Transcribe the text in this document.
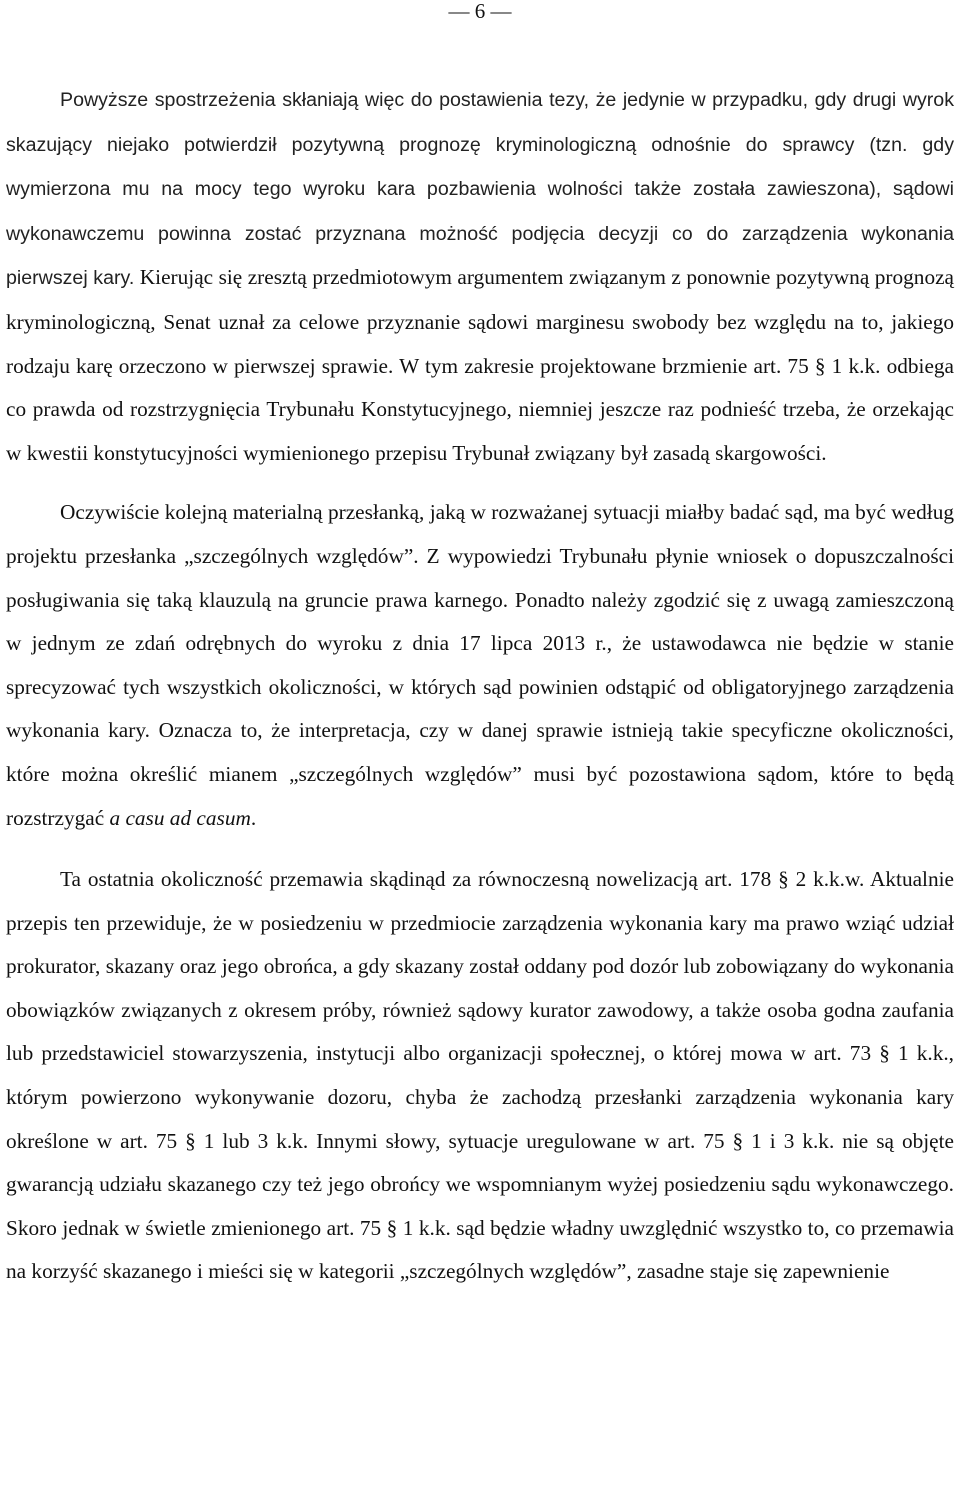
— 6 —

Powyższe spostrzeżenia skłaniają więc do postawienia tezy, że jedynie w przypadku, gdy drugi wyrok skazujący niejako potwierdził pozytywną prognozę kryminologiczną odnośnie do sprawcy (tzn. gdy wymierzona mu na mocy tego wyroku kara pozbawienia wolności także została zawieszona), sądowi wykonawczemu powinna zostać przyznana możność podjęcia decyzji co do zarządzenia wykonania pierwszej kary. Kierując się zresztą przedmiotowym argumentem związanym z ponownie pozytywną prognozą kryminologiczną, Senat uznał za celowe przyznanie sądowi marginesu swobody bez względu na to, jakiego rodzaju karę orzeczono w pierwszej sprawie. W tym zakresie projektowane brzmienie art. 75 § 1 k.k. odbiega co prawda od rozstrzygnięcia Trybunału Konstytucyjnego, niemniej jeszcze raz podnieść trzeba, że orzekając w kwestii konstytucyjności wymienionego przepisu Trybunał związany był zasadą skargowości.

Oczywiście kolejną materialną przesłanką, jaką w rozważanej sytuacji miałby badać sąd, ma być według projektu przesłanka „szczególnych względów”. Z wypowiedzi Trybunału płynie wniosek o dopuszczalności posługiwania się taką klauzulą na gruncie prawa karnego. Ponadto należy zgodzić się z uwagą zamieszczoną w jednym ze zdań odrębnych do wyroku z dnia 17 lipca 2013 r., że ustawodawca nie będzie w stanie sprecyzować tych wszystkich okoliczności, w których sąd powinien odstąpić od obligatoryjnego zarządzenia wykonania kary. Oznacza to, że interpretacja, czy w danej sprawie istnieją takie specyficzne okoliczności, które można określić mianem „szczególnych względów” musi być pozostawiona sądom, które to będą rozstrzygać a casu ad casum.

Ta ostatnia okoliczność przemawia skądinąd za równoczesną nowelizacją art. 178 § 2 k.k.w. Aktualnie przepis ten przewiduje, że w posiedzeniu w przedmiocie zarządzenia wykonania kary ma prawo wziąć udział prokurator, skazany oraz jego obrońca, a gdy skazany został oddany pod dozór lub zobowiązany do wykonania obowiązków związanych z okresem próby, również sądowy kurator zawodowy, a także osoba godna zaufania lub przedstawiciel stowarzyszenia, instytucji albo organizacji społecznej, o której mowa w art. 73 § 1 k.k., którym powierzono wykonywanie dozoru, chyba że zachodzą przesłanki zarządzenia wykonania kary określone w art. 75 § 1 lub 3 k.k. Innymi słowy, sytuacje uregulowane w art. 75 § 1 i 3 k.k. nie są objęte gwarancją udziału skazanego czy też jego obrońcy we wspomnianym wyżej posiedzeniu sądu wykonawczego. Skoro jednak w świetle zmienionego art. 75 § 1 k.k. sąd będzie władny uwzględnić wszystko to, co przemawia na korzyść skazanego i mieści się w kategorii „szczególnych względów”, zasadne staje się zapewnienie
